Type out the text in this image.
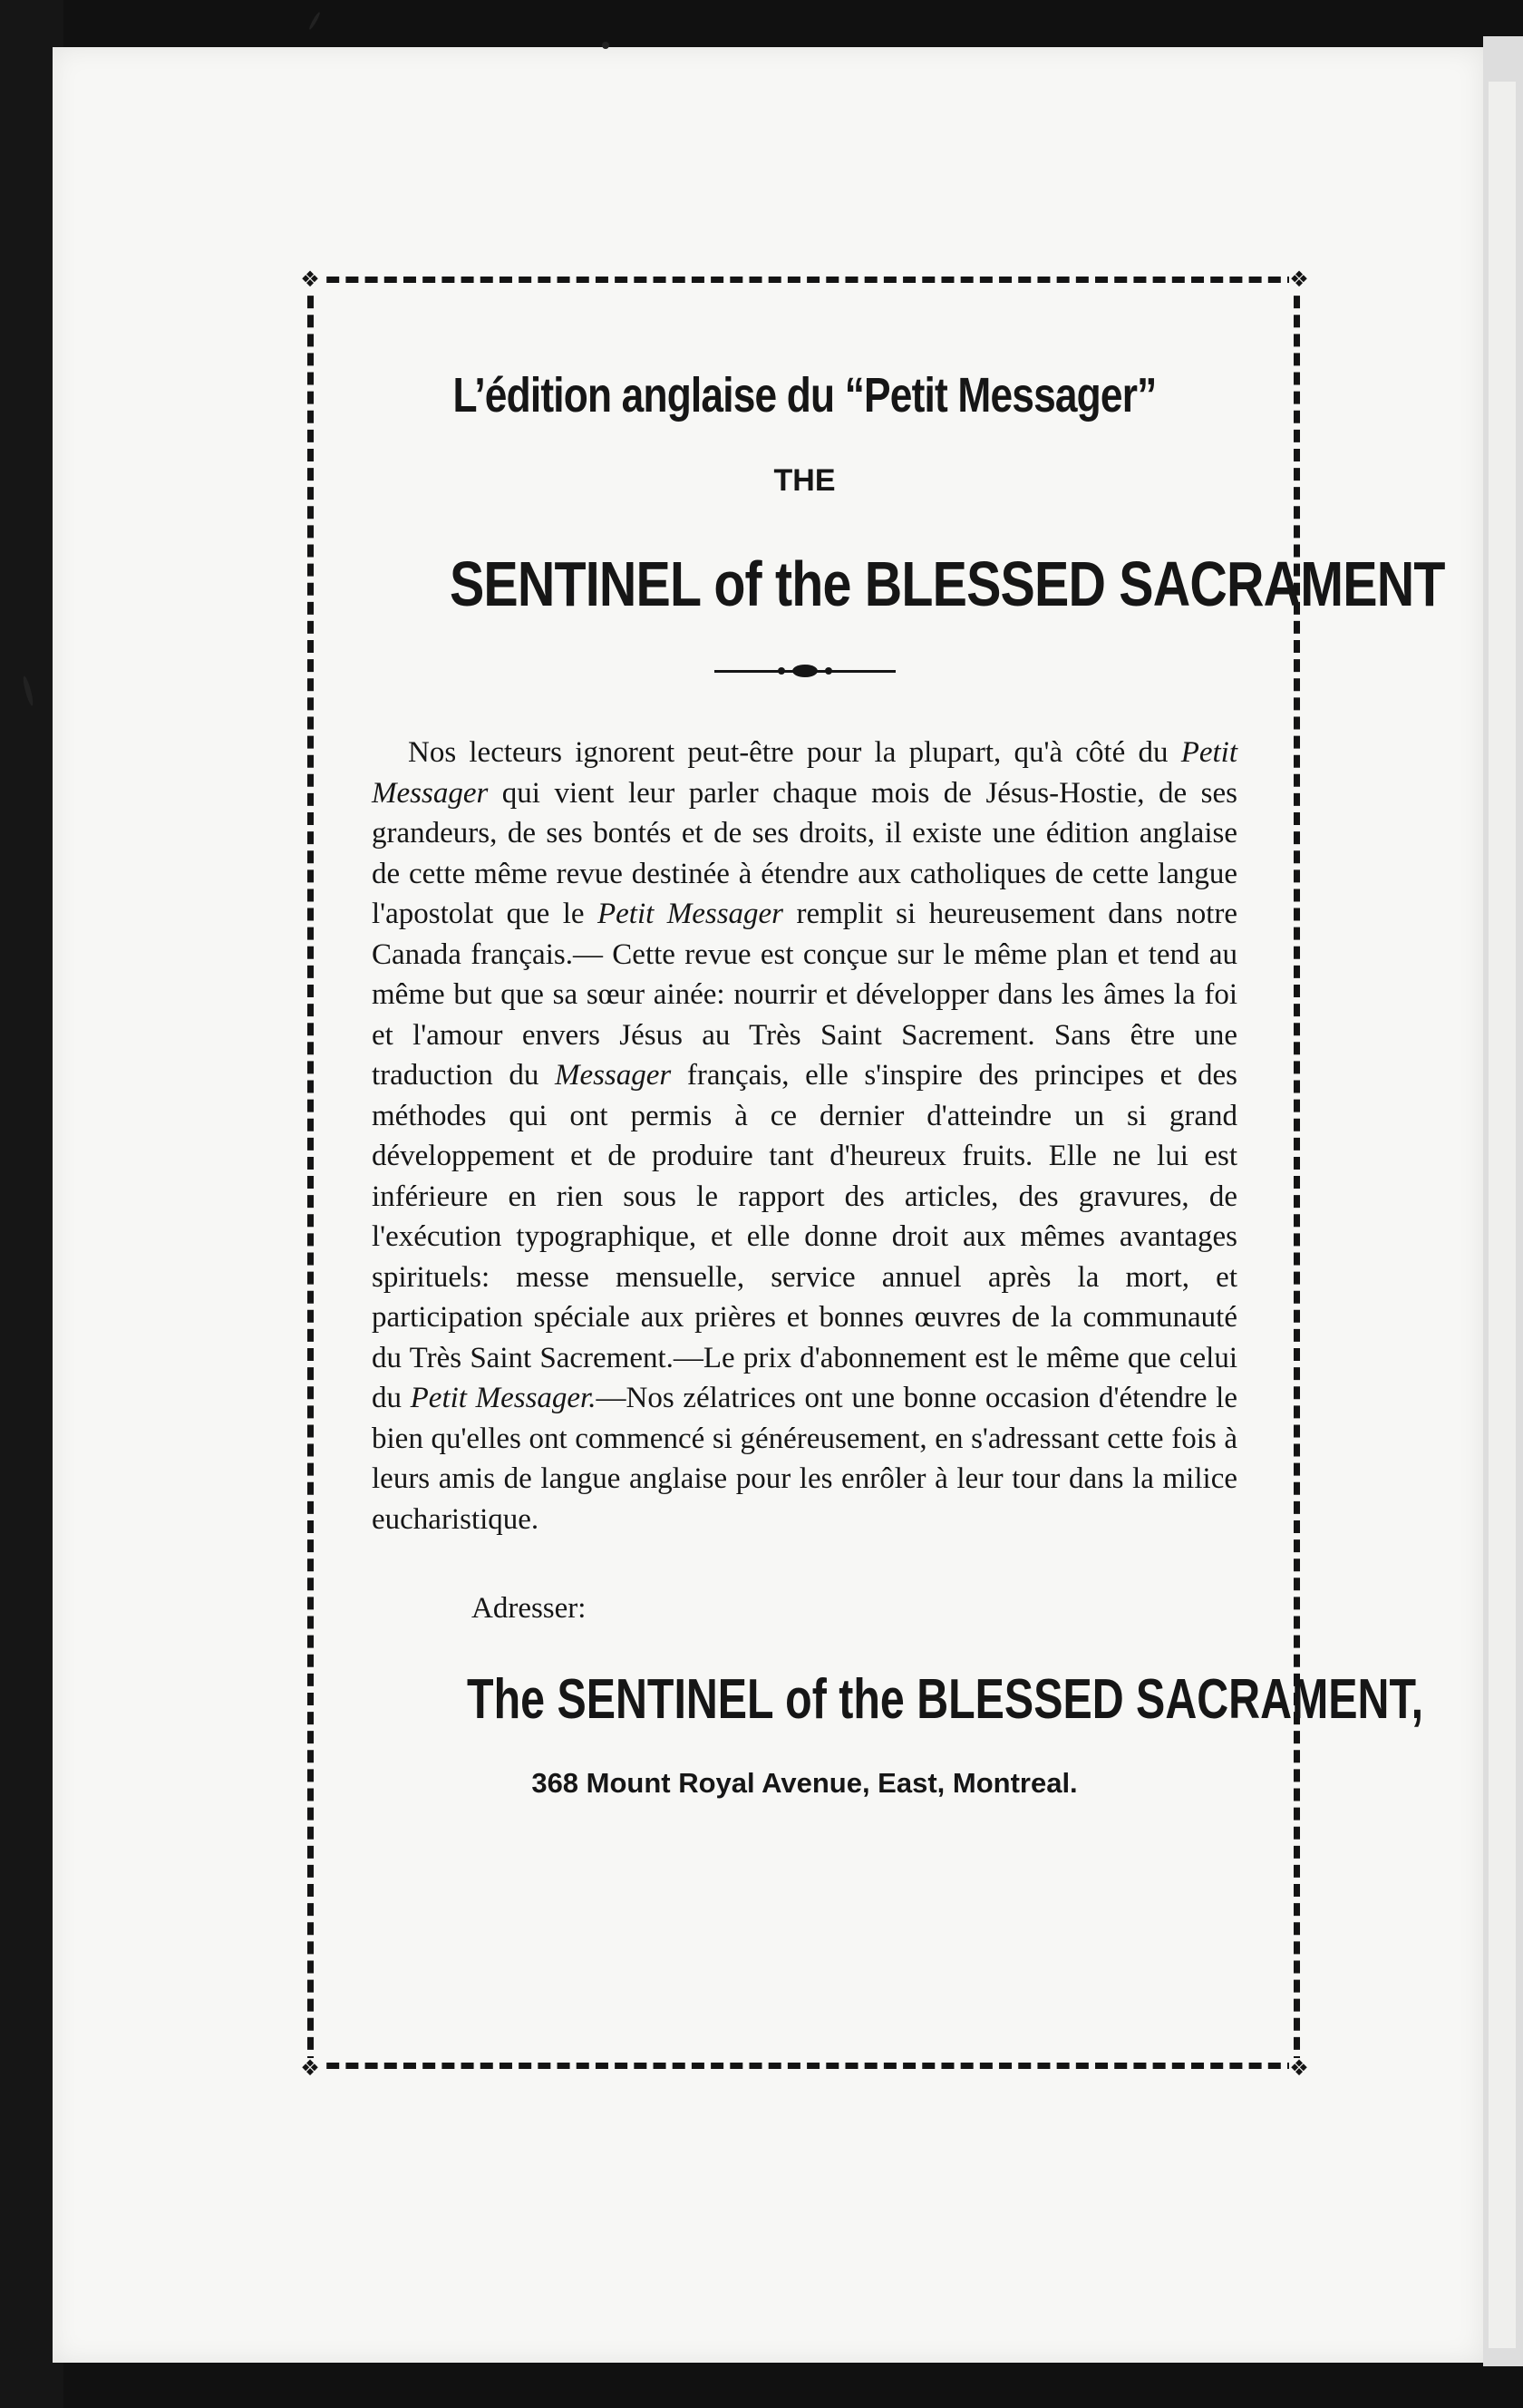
❖	❖
❖	❖
L’édition anglaise du “Petit Messager”
THE
SENTINEL of the BLESSED SACRAMENT
Nos lecteurs ignorent peut-être pour la plupart, qu'à côté du Petit Messager qui vient leur parler chaque mois de Jésus-Hostie, de ses grandeurs, de ses bontés et de ses droits, il existe une édition anglaise de cette même revue destinée à étendre aux catholiques de cette langue l'apostolat que le Petit Messager remplit si heureusement dans notre Canada français.— Cette revue est conçue sur le même plan et tend au même but que sa sœur ainée: nourrir et développer dans les âmes la foi et l'amour envers Jésus au Très Saint Sacrement. Sans être une traduction du Messager français, elle s'inspire des principes et des méthodes qui ont permis à ce dernier d'atteindre un si grand développement et de produire tant d'heureux fruits. Elle ne lui est inférieure en rien sous le rapport des articles, des gravures, de l'exécution typographique, et elle donne droit aux mêmes avantages spirituels: messe mensuelle, service annuel après la mort, et participation spéciale aux prières et bonnes œuvres de la communauté du Très Saint Sacrement.—Le prix d'abonnement est le même que celui du Petit Messager.—Nos zélatrices ont une bonne occasion d'étendre le bien qu'elles ont commencé si généreusement, en s'adressant cette fois à leurs amis de langue anglaise pour les enrôler à leur tour dans la milice eucharistique.
Adresser:
The SENTINEL of the BLESSED SACRAMENT,
368 Mount Royal Avenue, East, Montreal.
